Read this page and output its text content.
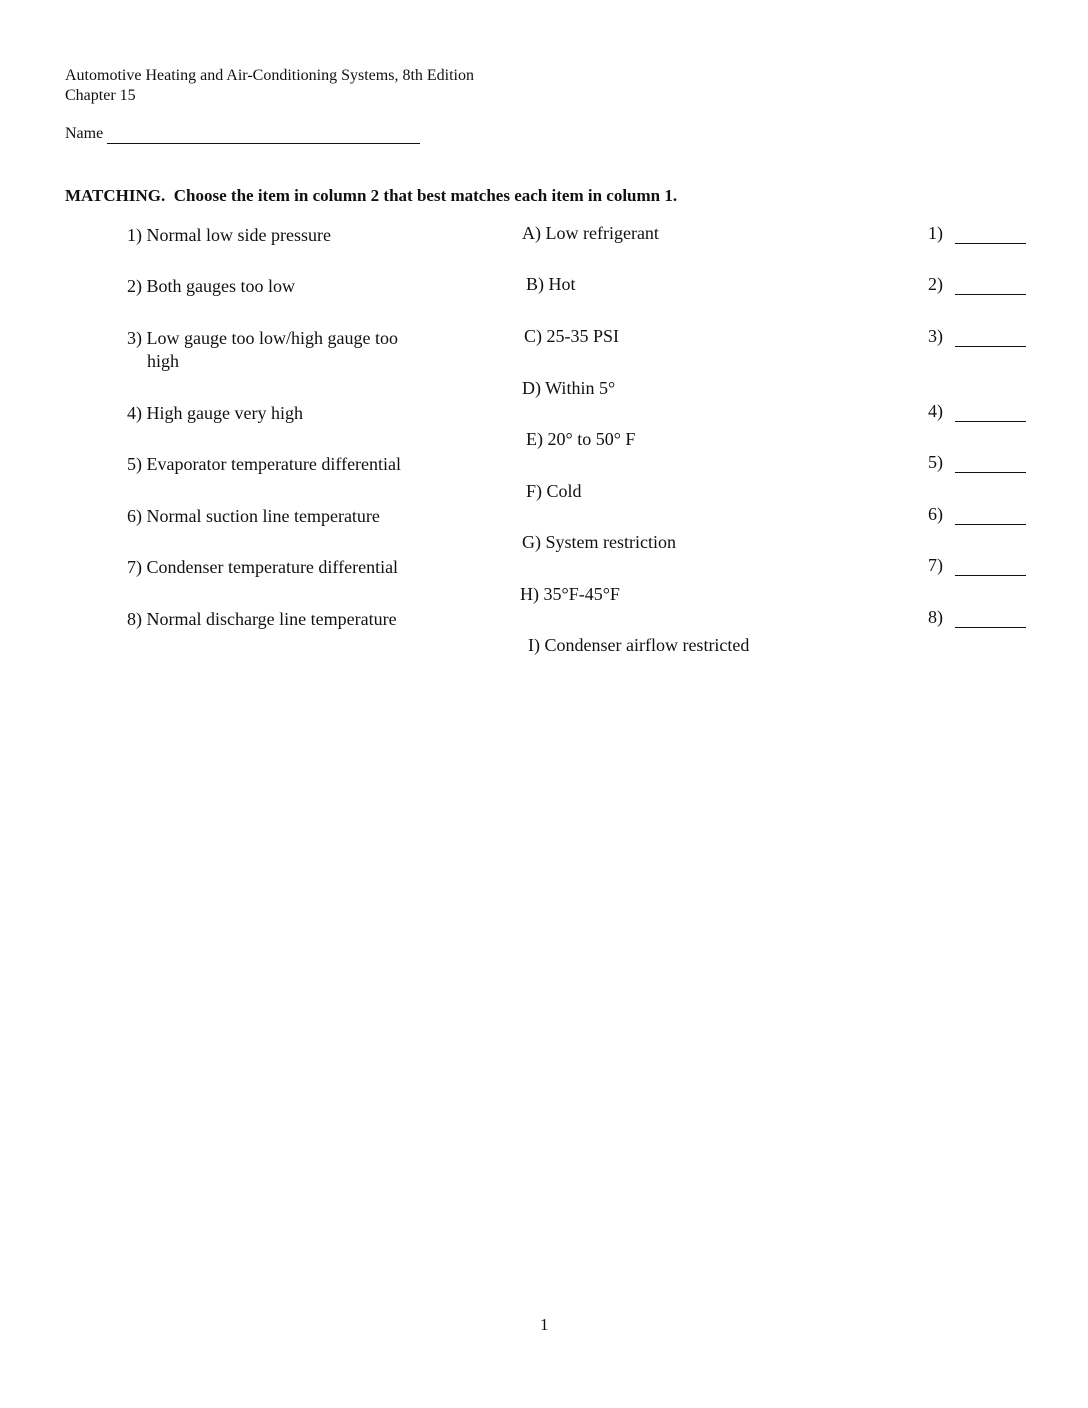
Automotive Heating and Air-Conditioning Systems, 8th Edition
Chapter 15
Name
MATCHING. Choose the item in column 2 that best matches each item in column 1.
1) Normal low side pressure
2) Both gauges too low
3) Low gauge too low/high gauge too
high
4) High gauge very high
5) Evaporator temperature differential
6) Normal suction line temperature
7) Condenser temperature differential
8) Normal discharge line temperature
A) Low refrigerant
B) Hot
C) 25-35 PSI
D) Within 5°
E) 20° to 50° F
F) Cold
G) System restriction
H) 35°F-45°F
I) Condenser airflow restricted
1)
2)
3)
4)
5)
6)
7)
8)
1
